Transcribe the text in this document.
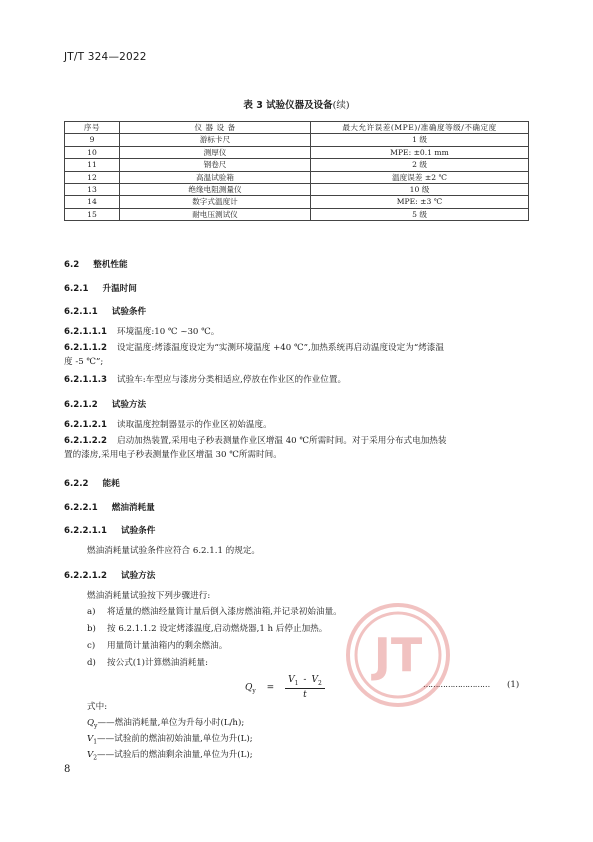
JT/T 324—2022
表 3 试验仪器及设备(续)
序号	仪 器 设 备	最大允许误差(MPE)/准确度等级/不确定度
9	游标卡尺	1 级
10	测厚仪	MPE: ±0.1 mm
11	钢卷尺	2 级
12	高温试验箱	温度误差 ±2 ℃
13	绝缘电阻测量仪	10 级
14	数字式温度计	MPE: ±3 ℃
15	耐电压测试仪	5 级
6.2 整机性能
6.2.1 升温时间
6.2.1.1 试验条件
6.2.1.1.1 环境温度:10 ℃ ~30 ℃。
6.2.1.1.2 设定温度:烤漆温度设定为“实测环境温度 +40 ℃”,加热系统再启动温度设定为“烤漆温
度 -5 ℃”;
6.2.1.1.3 试验车:车型应与漆房分类相适应,停放在作业区的作业位置。
6.2.1.2 试验方法
6.2.1.2.1 读取温度控制器显示的作业区初始温度。
6.2.1.2.2 启动加热装置,采用电子秒表测量作业区增温 40 ℃所需时间。对于采用分布式电加热装
置的漆房,采用电子秒表测量作业区增温 30 ℃所需时间。
6.2.2 能耗
6.2.2.1 燃油消耗量
6.2.2.1.1 试验条件
燃油消耗量试验条件应符合 6.2.1.1 的规定。
6.2.2.1.2 试验方法
燃油消耗量试验按下列步骤进行:
a) 将适量的燃油经量筒计量后倒入漆房燃油箱,并记录初始油量。
b) 按 6.2.1.1.2 设定烤漆温度,启动燃烧器,1 h 后停止加热。
c) 用量筒计量油箱内的剩余燃油。
d) 按公式(1)计算燃油消耗量:
$Q_y = \frac{V_1 - V_2}{t}$	……………………… (1)
式中:
$Q_y——$燃油消耗量,单位为升每小时(L/h);
$V_1——$试验前的燃油初始油量,单位为升(L);
$V_2——$试验后的燃油剩余油量,单位为升(L);
JT
8
